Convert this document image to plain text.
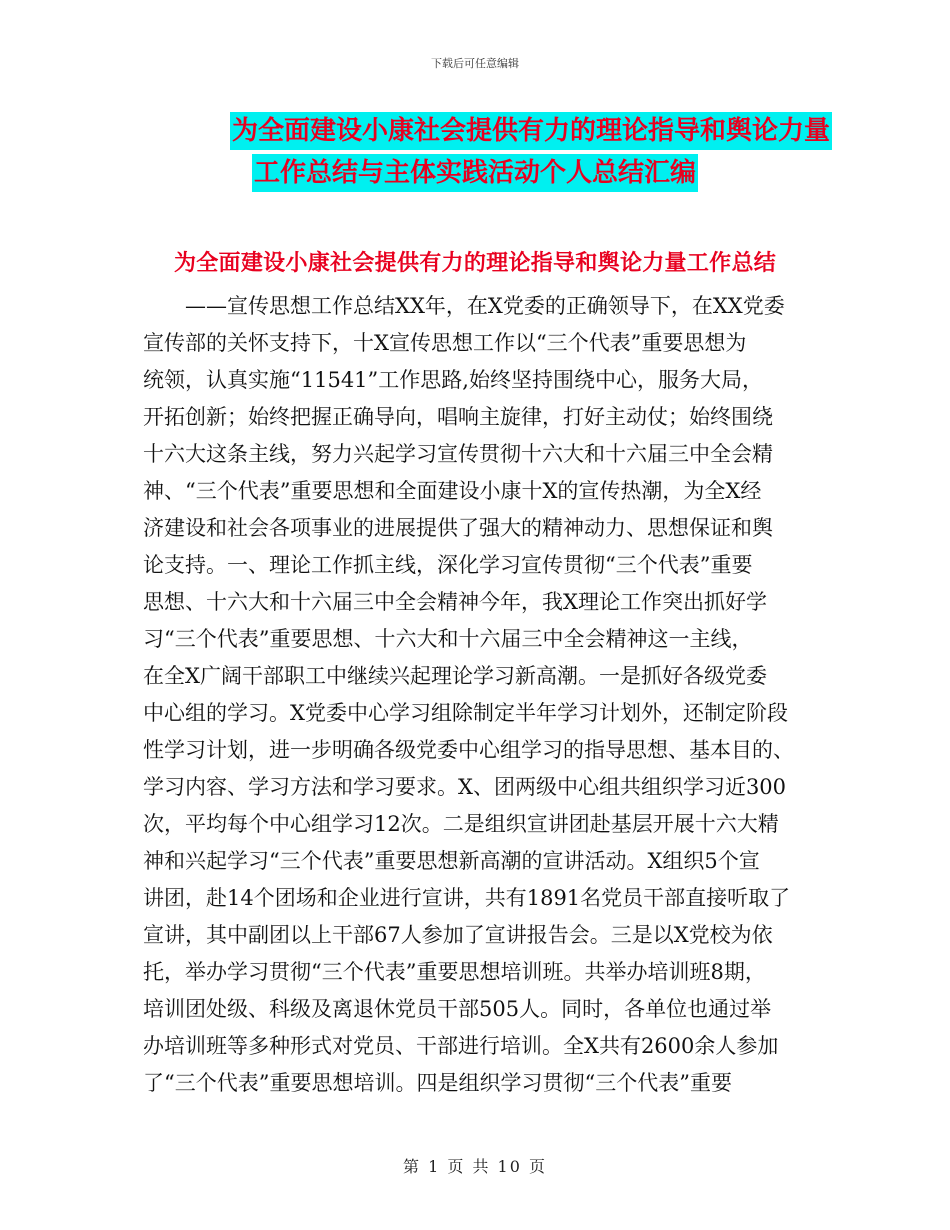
下载后可任意编辑
为全面建设小康社会提供有力的理论指导和舆论力量
工作总结与主体实践活动个人总结汇编
为全面建设小康社会提供有力的理论指导和舆论力量工作总结
——宣传思想工作总结XX年，在X党委的正确领导下，在XX党委
宣传部的关怀支持下，十X宣传思想工作以“三个代表”重要思想为
统领，认真实施“11541”工作思路,始终坚持围绕中心，服务大局，
开拓创新；始终把握正确导向，唱响主旋律，打好主动仗；始终围绕
十六大这条主线，努力兴起学习宣传贯彻十六大和十六届三中全会精
神、“三个代表”重要思想和全面建设小康十X的宣传热潮，为全X经
济建设和社会各项事业的进展提供了强大的精神动力、思想保证和舆
论支持。一、理论工作抓主线，深化学习宣传贯彻“三个代表”重要
思想、十六大和十六届三中全会精神今年，我X理论工作突出抓好学
习“三个代表”重要思想、十六大和十六届三中全会精神这一主线，
在全X广阔干部职工中继续兴起理论学习新高潮。一是抓好各级党委
中心组的学习。X党委中心学习组除制定半年学习计划外，还制定阶段
性学习计划，进一步明确各级党委中心组学习的指导思想、基本目的、
学习内容、学习方法和学习要求。X、团两级中心组共组织学习近300
次，平均每个中心组学习12次。二是组织宣讲团赴基层开展十六大精
神和兴起学习“三个代表”重要思想新高潮的宣讲活动。X组织5个宣
讲团，赴14个团场和企业进行宣讲，共有1891名党员干部直接听取了
宣讲，其中副团以上干部67人参加了宣讲报告会。三是以X党校为依
托，举办学习贯彻“三个代表”重要思想培训班。共举办培训班8期，
培训团处级、科级及离退休党员干部505人。同时，各单位也通过举
办培训班等多种形式对党员、干部进行培训。全X共有2600余人参加
了“三个代表”重要思想培训。四是组织学习贯彻“三个代表”重要
第 1 页 共 10 页
